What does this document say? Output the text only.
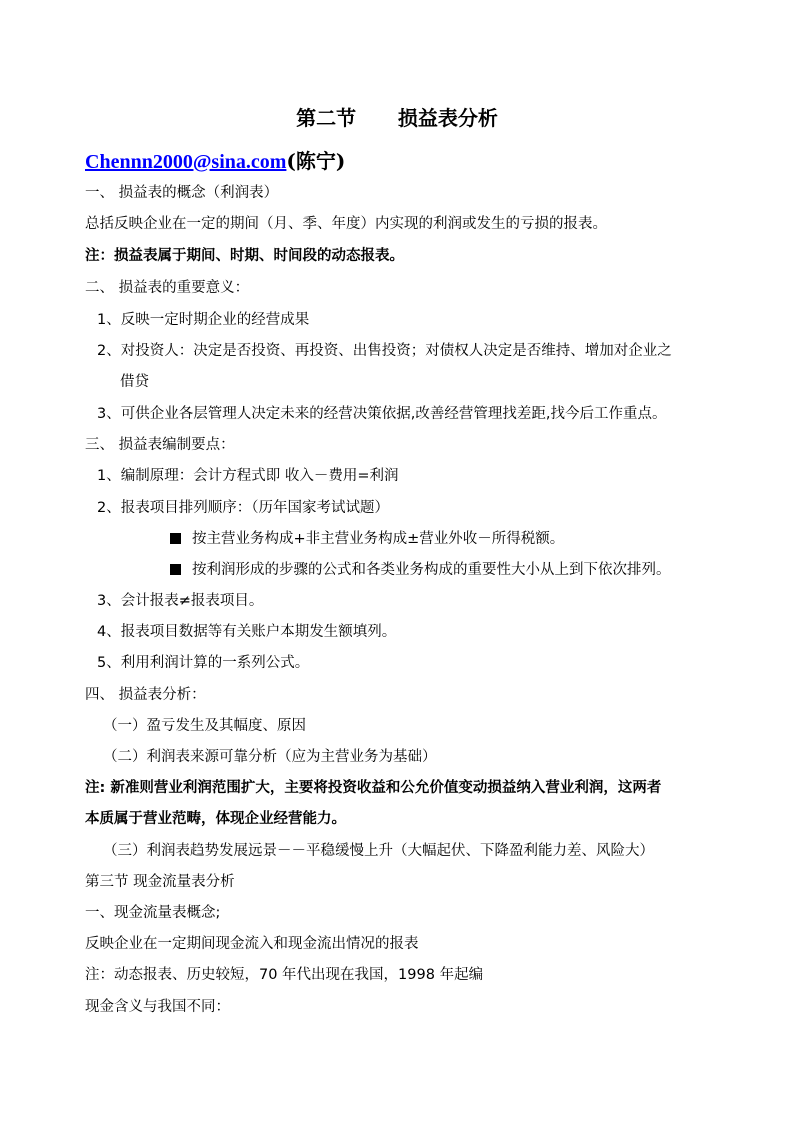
第二节      损益表分析
Chennn2000@sina.com(陈宁)
一、 损益表的概念（利润表）
总括反映企业在一定的期间（月、季、年度）内实现的利润或发生的亏损的报表。
注：损益表属于期间、时期、时间段的动态报表。
二、 损益表的重要意义：
1、反映一定时期企业的经营成果
2、对投资人：决定是否投资、再投资、出售投资；对债权人决定是否维持、增加对企业之
借贷
3、可供企业各层管理人决定未来的经营决策依据,改善经营管理找差距,找今后工作重点。
三、 损益表编制要点：
1、编制原理：会计方程式即 收入－费用=利润
2、报表项目排列顺序：（历年国家考试试题）
按主营业务构成+非主营业务构成±营业外收－所得税额。
按利润形成的步骤的公式和各类业务构成的重要性大小从上到下依次排列。
3、会计报表≠报表项目。
4、报表项目数据等有关账户本期发生额填列。
5、利用利润计算的一系列公式。
四、 损益表分析：
（一）盈亏发生及其幅度、原因
（二）利润表来源可靠分析（应为主营业务为基础）
注: 新准则营业利润范围扩大，主要将投资收益和公允价值变动损益纳入营业利润，这两者
本质属于营业范畴，体现企业经营能力。
（三）利润表趋势发展远景－－平稳缓慢上升（大幅起伏、下降盈利能力差、风险大）
第三节 现金流量表分析
一、现金流量表概念;
反映企业在一定期间现金流入和现金流出情况的报表
注：动态报表、历史较短，70 年代出现在我国，1998 年起编
现金含义与我国不同：
